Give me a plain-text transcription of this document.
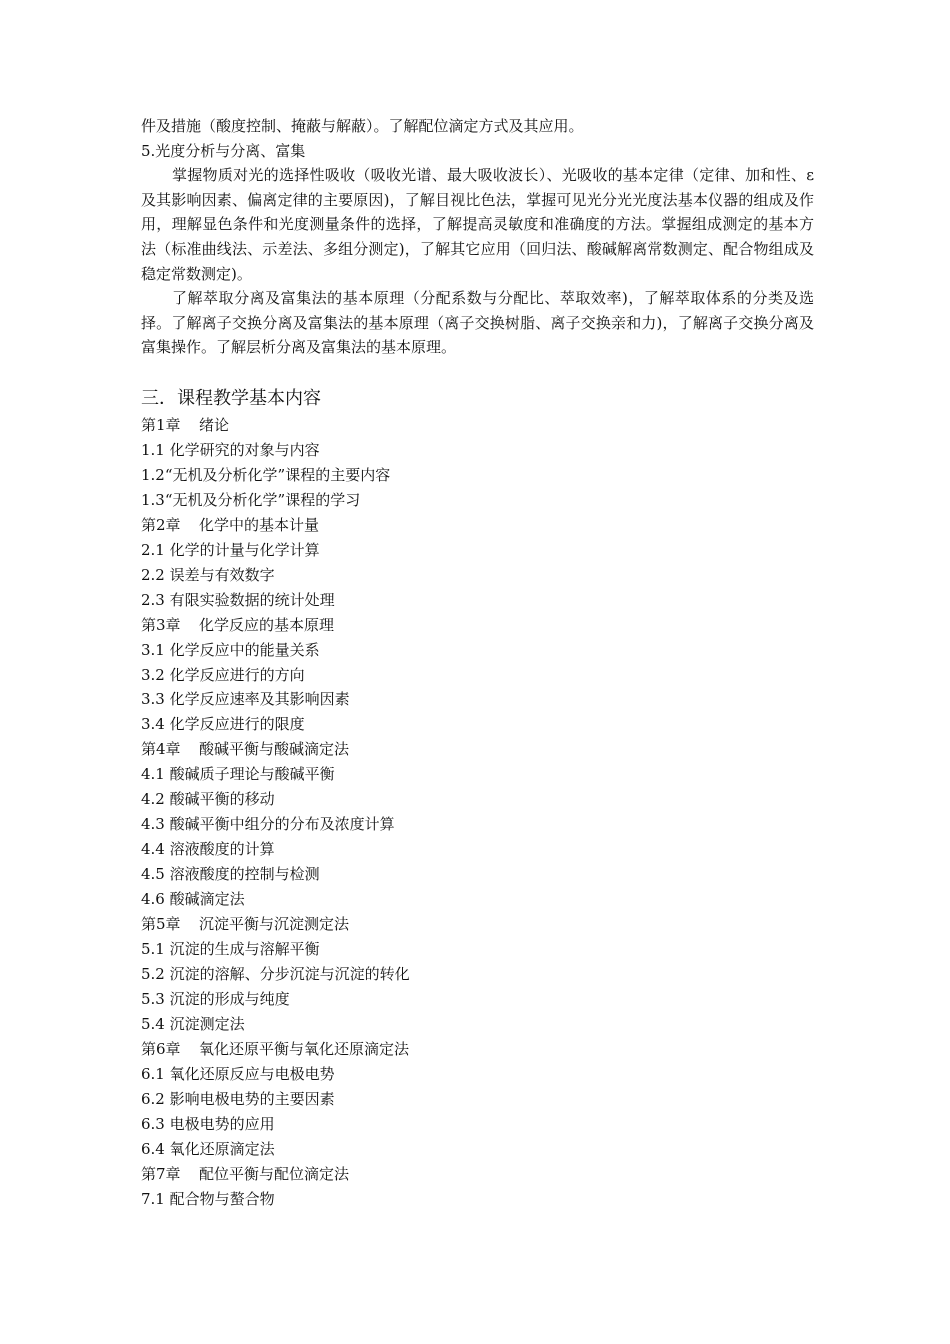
件及措施（酸度控制、掩蔽与解蔽）。了解配位滴定方式及其应用。

5.光度分析与分离、富集

掌握物质对光的选择性吸收（吸收光谱、最大吸收波长）、光吸收的基本定律（定律、加和性、ε 及其影响因素、偏离定律的主要原因)，了解目视比色法，掌握可见光分光光度法基本仪器的组成及作用，理解显色条件和光度测量条件的选择，了解提高灵敏度和准确度的方法。掌握组成测定的基本方法（标准曲线法、示差法、多组分测定)，了解其它应用（回归法、酸碱解离常数测定、配合物组成及稳定常数测定)。

了解萃取分离及富集法的基本原理（分配系数与分配比、萃取效率)，了解萃取体系的分类及选择。了解离子交换分离及富集法的基本原理（离子交换树脂、离子交换亲和力)，了解离子交换分离及富集操作。了解层析分离及富集法的基本原理。

三．课程教学基本内容
第1章 绪论
1.1 化学研究的对象与内容
1.2“无机及分析化学”课程的主要内容
1.3“无机及分析化学”课程的学习
第2章 化学中的基本计量
2.1 化学的计量与化学计算
2.2 误差与有效数字
2.3 有限实验数据的统计处理
第3章 化学反应的基本原理
3.1 化学反应中的能量关系
3.2 化学反应进行的方向
3.3 化学反应速率及其影响因素
3.4 化学反应进行的限度
第4章 酸碱平衡与酸碱滴定法
4.1 酸碱质子理论与酸碱平衡
4.2 酸碱平衡的移动
4.3 酸碱平衡中组分的分布及浓度计算
4.4 溶液酸度的计算
4.5 溶液酸度的控制与检测
4.6 酸碱滴定法
第5章 沉淀平衡与沉淀测定法
5.1 沉淀的生成与溶解平衡
5.2 沉淀的溶解、分步沉淀与沉淀的转化
5.3 沉淀的形成与纯度
5.4 沉淀测定法
第6章 氧化还原平衡与氧化还原滴定法
6.1 氧化还原反应与电极电势
6.2 影响电极电势的主要因素
6.3 电极电势的应用
6.4 氧化还原滴定法
第7章 配位平衡与配位滴定法
7.1 配合物与螯合物
